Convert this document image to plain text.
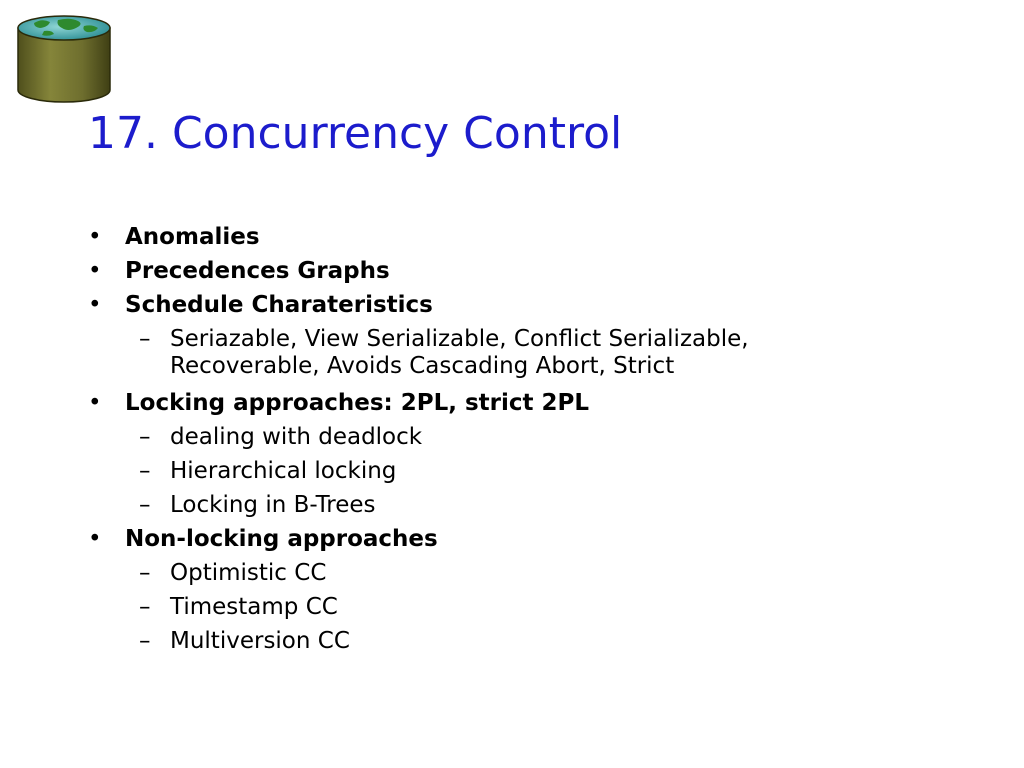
17. Concurrency Control
• Anomalies
• Precedences Graphs
• Schedule Charateristics
– Seriazable, View Serializable, Conflict Serializable,
Recoverable, Avoids Cascading Abort, Strict
• Locking approaches: 2PL, strict 2PL
– dealing with deadlock
– Hierarchical locking
– Locking in B-Trees
• Non-locking approaches
– Optimistic CC
– Timestamp CC
– Multiversion CC
